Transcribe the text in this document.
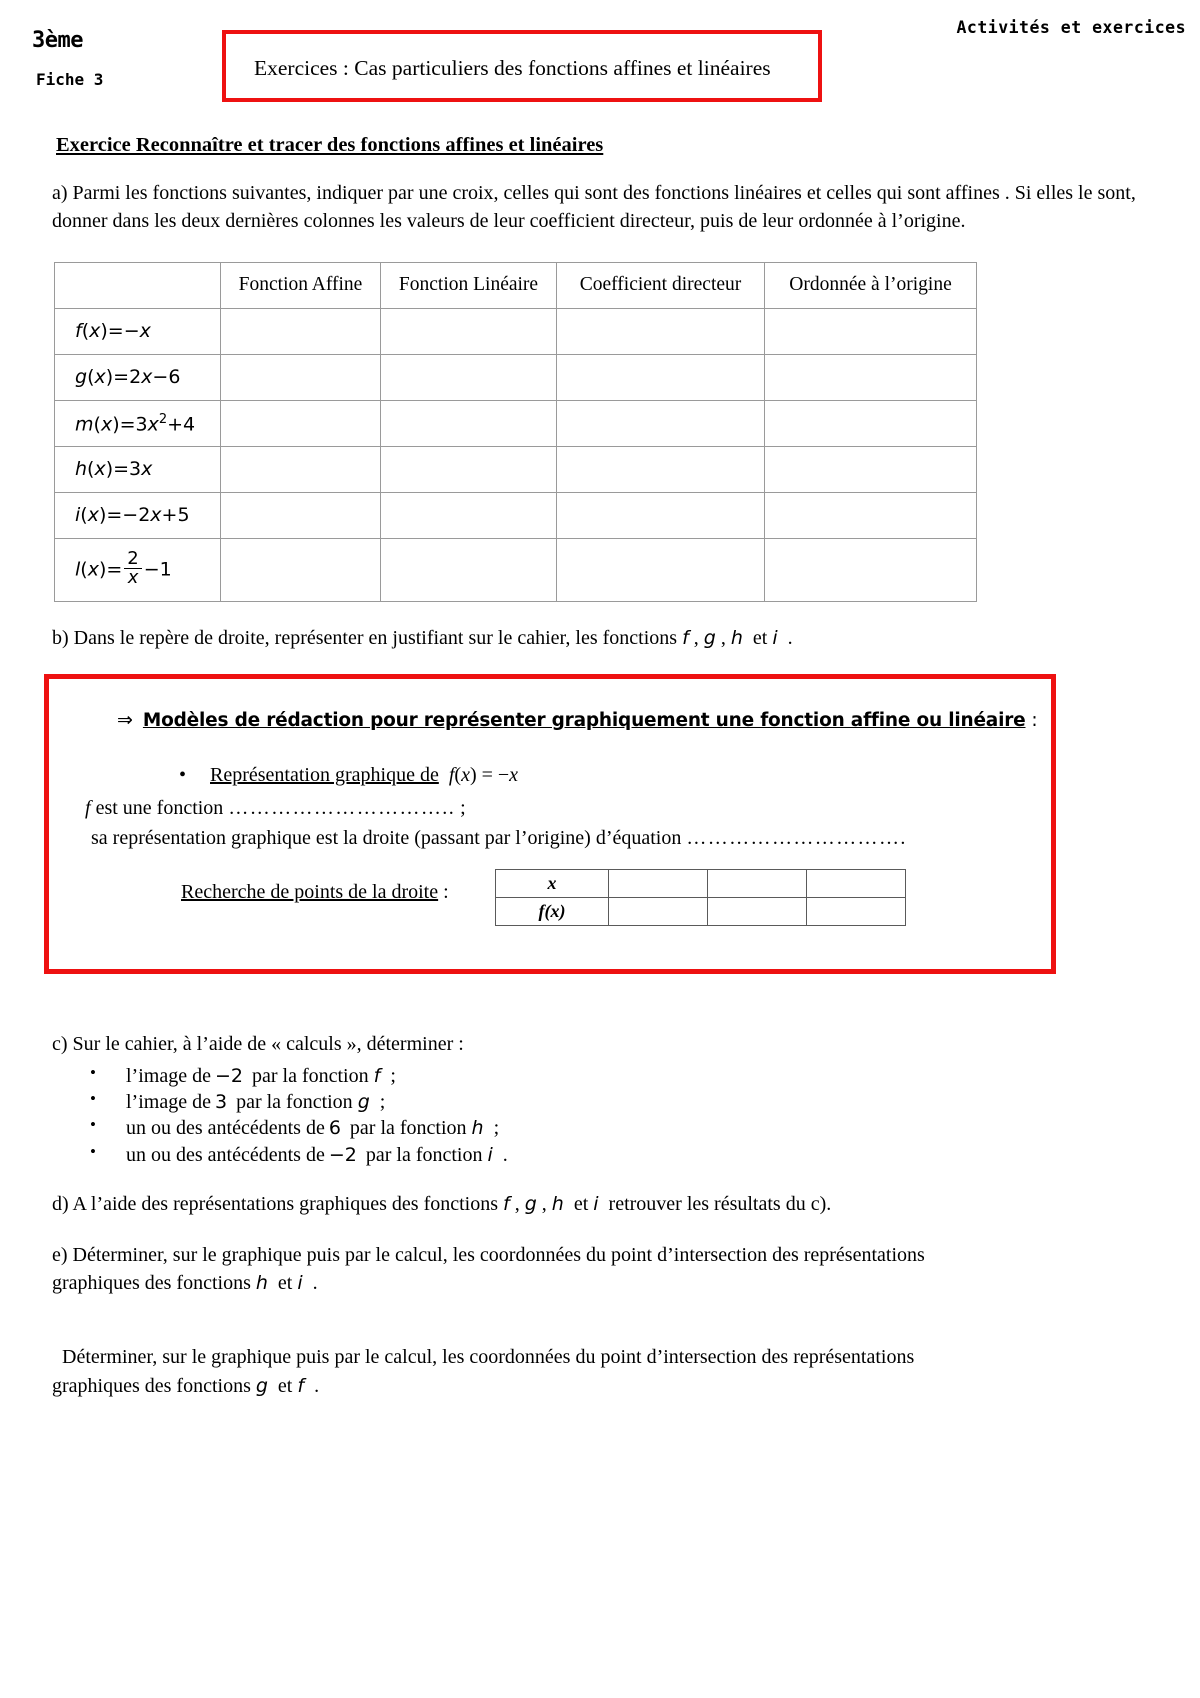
3ème
Fiche 3
Activités et exercices
Exercices : Cas particuliers des fonctions affines et linéaires
Exercice Reconnaître et tracer des fonctions affines et linéaires
a) Parmi les fonctions suivantes, indiquer par une croix, celles qui sont des fonctions linéaires et celles qui sont affines . Si elles le sont, donner dans les deux dernières colonnes les valeurs de leur coefficient directeur, puis de leur ordonnée à l’origine.
	Fonction Affine	Fonction Linéaire	Coefficient directeur	Ordonnée à l’origine
f(x)=−x				
g(x)=2x−6				
$m(x)=3x^2+4$				
h(x)=3x				
i(x)=−2x+5				
$l(x)= \frac{2}{x} -1$				
b) Dans le repère de droite, représenter en justifiant sur le cahier, les fonctions f , g , h et i .
⇒ Modèles de rédaction pour représenter graphiquement une fonction affine ou linéaire :
• Représentation graphique de f(x) = −x
f est une fonction ………………………….. ;
sa représentation graphique est la droite (passant par l’origine) d’équation ………………………….
Recherche de points de la droite :	x			
f(x)			
c) Sur le cahier, à l’aide de « calculs », déterminer :
• l’image de −2 par la fonction f ;
• l’image de 3 par la fonction g ;
• un ou des antécédents de 6 par la fonction h ;
• un ou des antécédents de −2 par la fonction i .
d) A l’aide des représentations graphiques des fonctions f , g , h et i retrouver les résultats du c).
e) Déterminer, sur le graphique puis par le calcul, les coordonnées du point d’intersection des représentations
graphiques des fonctions h et i .
Déterminer, sur le graphique puis par le calcul, les coordonnées du point d’intersection des représentations
graphiques des fonctions g et f .
